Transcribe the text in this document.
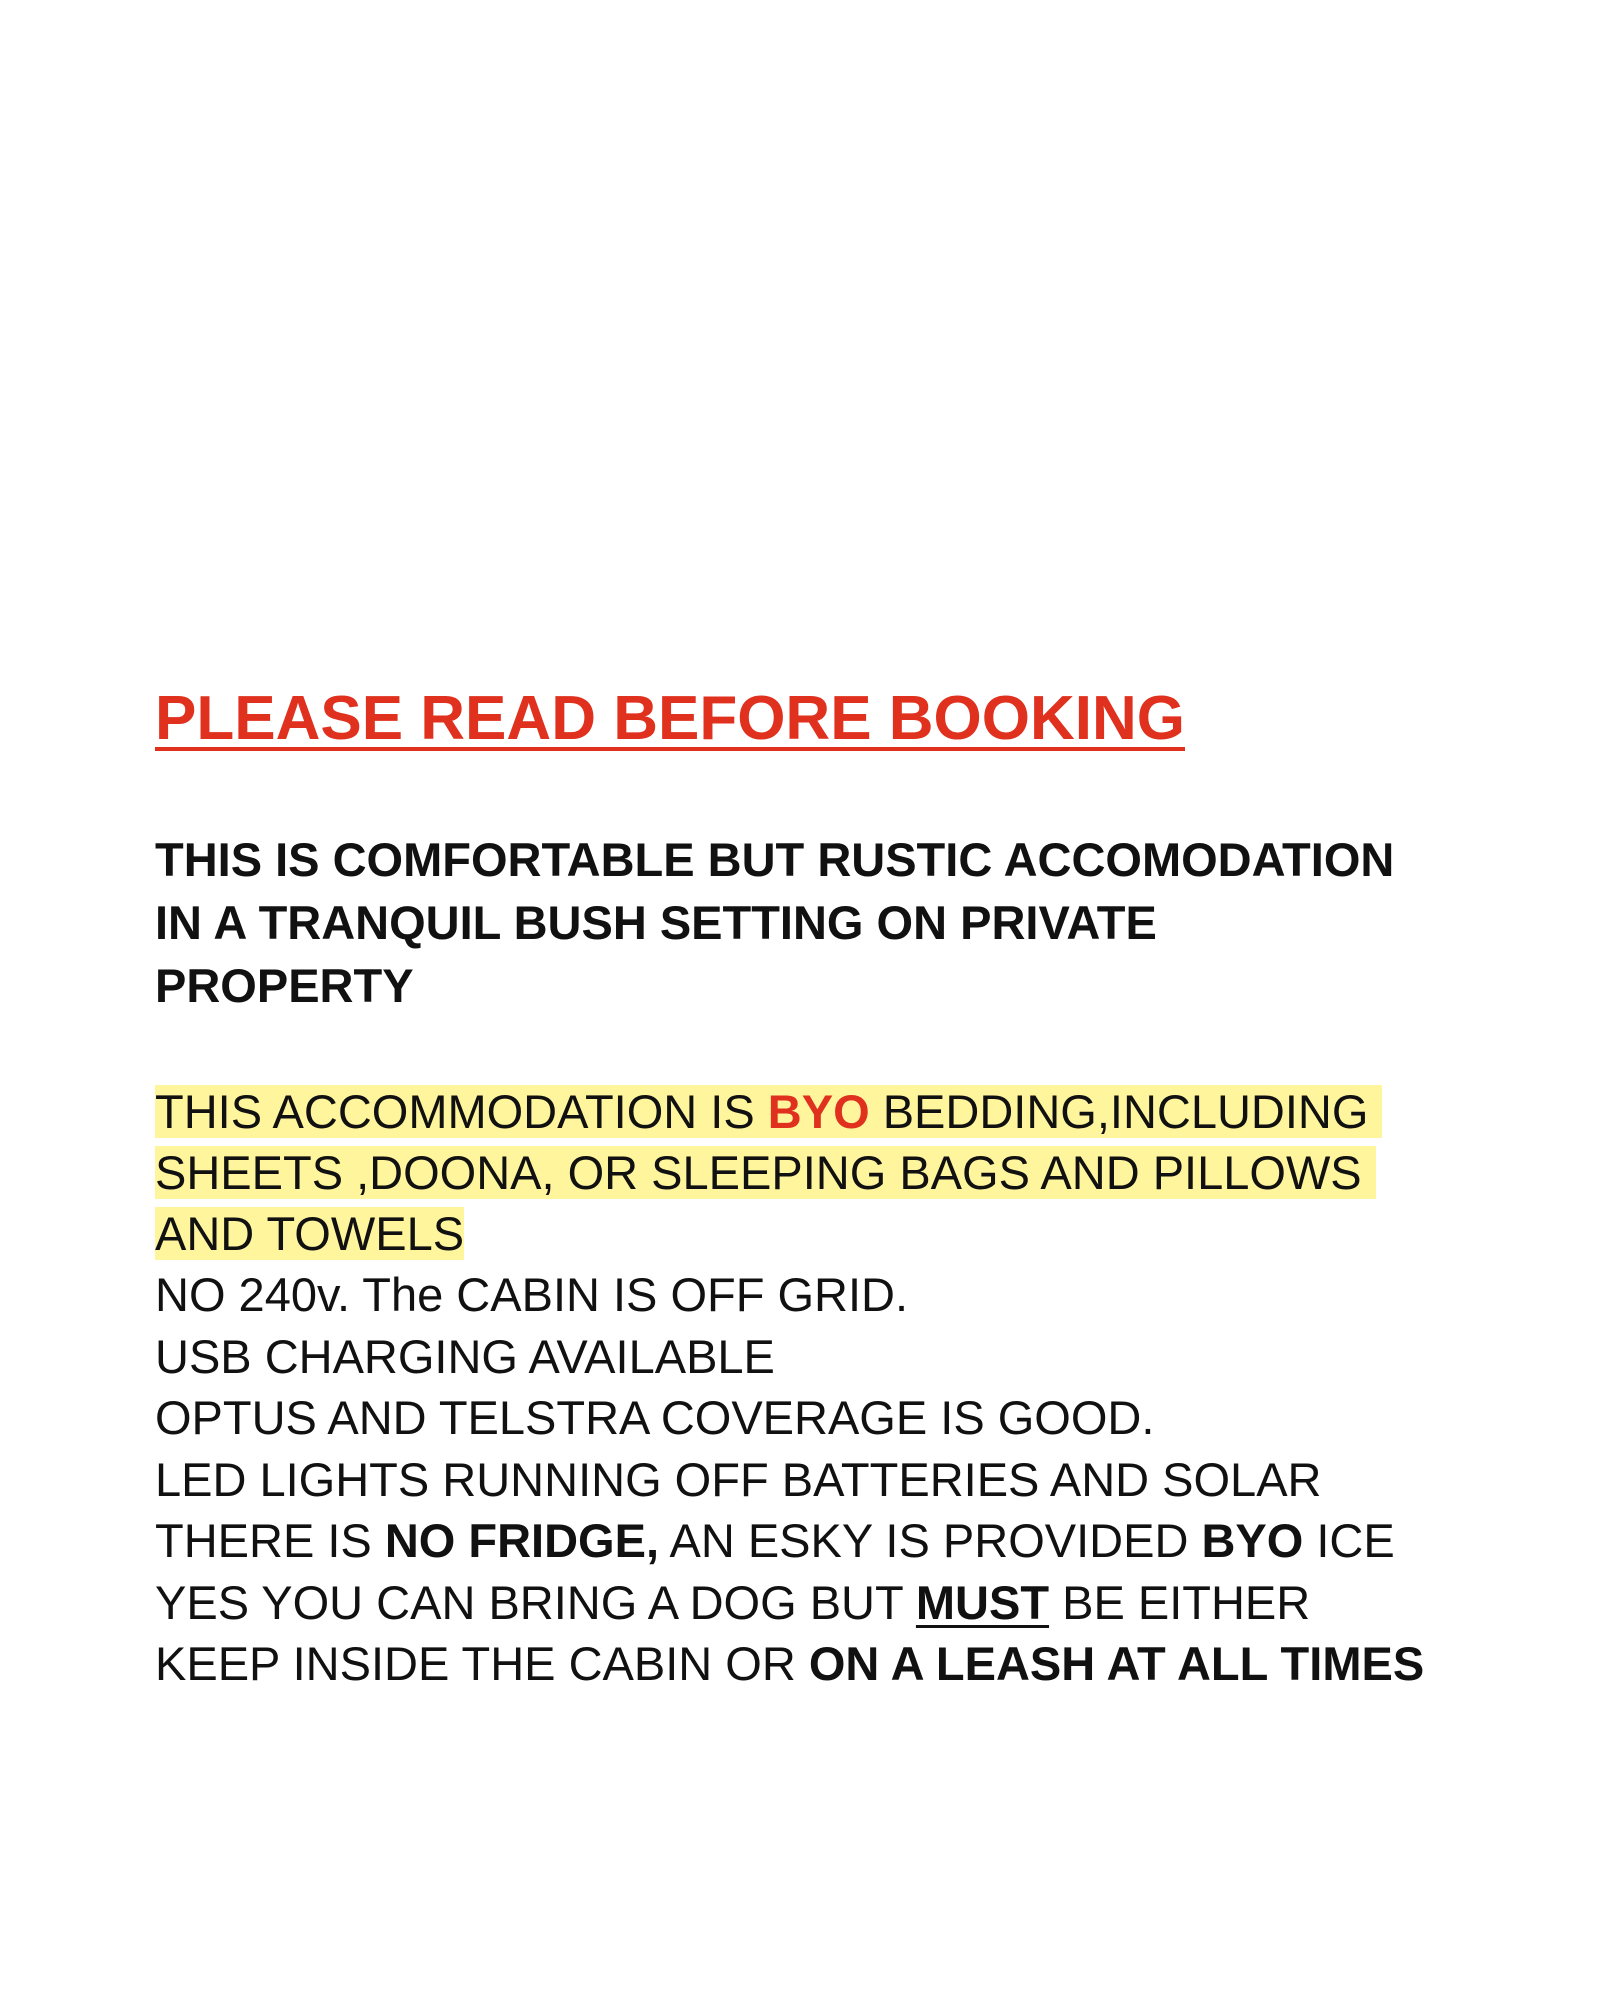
PLEASE READ BEFORE BOOKING
THIS IS COMFORTABLE BUT RUSTIC ACCOMODATION
IN A TRANQUIL BUSH SETTING ON PRIVATE
PROPERTY
THIS ACCOMMODATION IS BYO BEDDING,INCLUDING
SHEETS ,DOONA, OR SLEEPING BAGS AND PILLOWS
AND TOWELS
NO 240v. The CABIN IS OFF GRID.
USB CHARGING AVAILABLE
OPTUS AND TELSTRA COVERAGE IS GOOD.
LED LIGHTS RUNNING OFF BATTERIES AND SOLAR
THERE IS NO FRIDGE, AN ESKY IS PROVIDED BYO ICE
YES YOU CAN BRING A DOG BUT MUST BE EITHER
KEEP INSIDE THE CABIN OR ON A LEASH AT ALL TIMES
